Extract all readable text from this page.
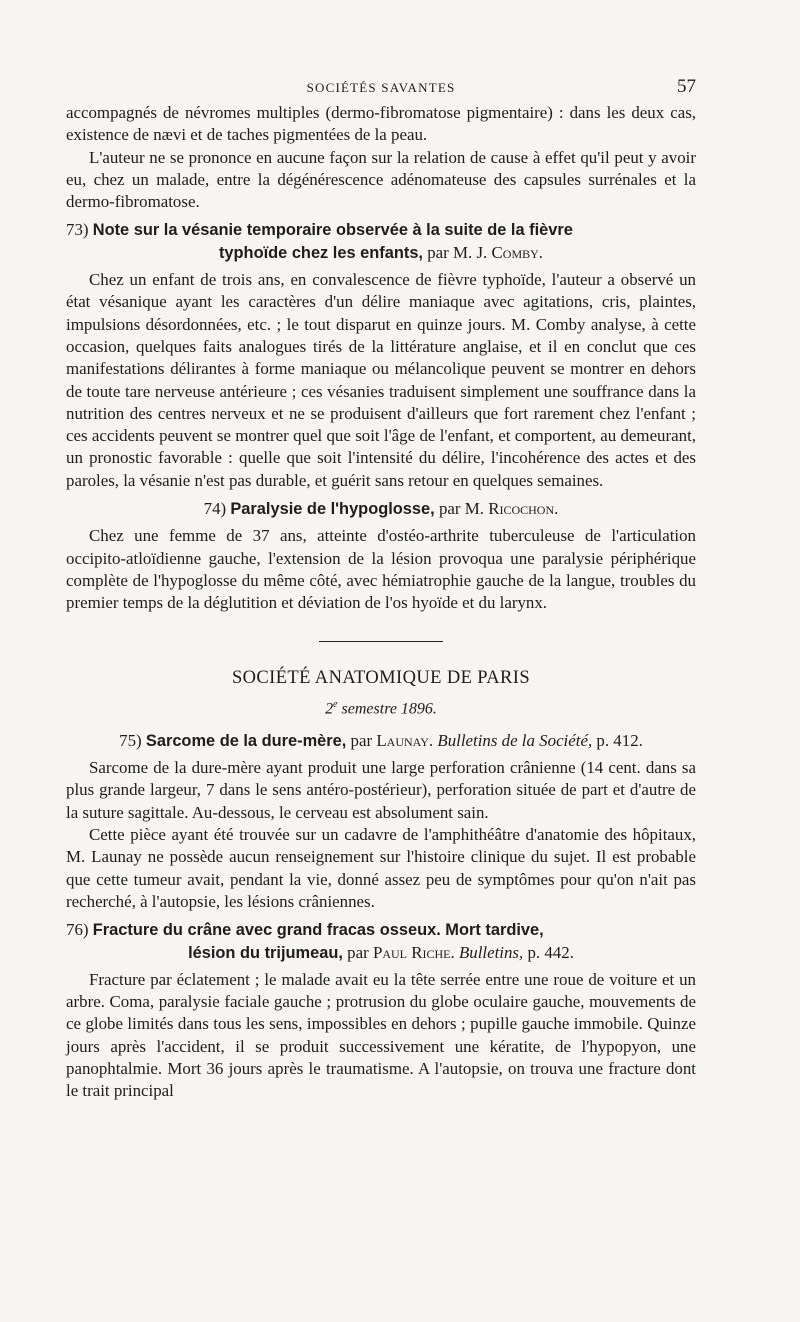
SOCIÉTÉS SAVANTES	57

accompagnés de névromes multiples (dermo-fibromatose pigmentaire) : dans les deux cas, existence de nævi et de taches pigmentées de la peau.

L'auteur ne se prononce en aucune façon sur la relation de cause à effet qu'il peut y avoir eu, chez un malade, entre la dégénérescence adénomateuse des capsules surrénales et la dermo-fibromatose.

73) Note sur la vésanie temporaire observée à la suite de la fièvre
typhoïde chez les enfants, par M. J. Comby.

Chez un enfant de trois ans, en convalescence de fièvre typhoïde, l'auteur a observé un état vésanique ayant les caractères d'un délire maniaque avec agitations, cris, plaintes, impulsions désordonnées, etc. ; le tout disparut en quinze jours. M. Comby analyse, à cette occasion, quelques faits analogues tirés de la littérature anglaise, et il en conclut que ces manifestations délirantes à forme maniaque ou mélancolique peuvent se montrer en dehors de toute tare nerveuse antérieure ; ces vésanies traduisent simplement une souffrance dans la nutrition des centres nerveux et ne se produisent d'ailleurs que fort rarement chez l'enfant ; ces accidents peuvent se montrer quel que soit l'âge de l'enfant, et comportent, au demeurant, un pronostic favorable : quelle que soit l'intensité du délire, l'incohérence des actes et des paroles, la vésanie n'est pas durable, et guérit sans retour en quelques semaines.

74) Paralysie de l'hypoglosse, par M. Ricochon.

Chez une femme de 37 ans, atteinte d'ostéo-arthrite tuberculeuse de l'articulation occipito-atloïdienne gauche, l'extension de la lésion provoqua une paralysie périphérique complète de l'hypoglosse du même côté, avec hémiatrophie gauche de la langue, troubles du premier temps de la déglutition et déviation de l'os hyoïde et du larynx.

SOCIÉTÉ ANATOMIQUE DE PARIS
2e semestre 1896.
75) Sarcome de la dure-mère, par Launay. Bulletins de la Société, p. 412.

Sarcome de la dure-mère ayant produit une large perforation crânienne (14 cent. dans sa plus grande largeur, 7 dans le sens antéro-postérieur), perforation située de part et d'autre de la suture sagittale. Au-dessous, le cerveau est absolument sain.

Cette pièce ayant été trouvée sur un cadavre de l'amphithéâtre d'anatomie des hôpitaux, M. Launay ne possède aucun renseignement sur l'histoire clinique du sujet. Il est probable que cette tumeur avait, pendant la vie, donné assez peu de symptômes pour qu'on n'ait pas recherché, à l'autopsie, les lésions crâniennes.

76) Fracture du crâne avec grand fracas osseux. Mort tardive,
lésion du trijumeau, par Paul Riche. Bulletins, p. 442.

Fracture par éclatement ; le malade avait eu la tête serrée entre une roue de voiture et un arbre. Coma, paralysie faciale gauche ; protrusion du globe oculaire gauche, mouvements de ce globe limités dans tous les sens, impossibles en dehors ; pupille gauche immobile. Quinze jours après l'accident, il se produit successivement une kératite, de l'hypopyon, une panophtalmie. Mort 36 jours après le traumatisme. A l'autopsie, on trouva une fracture dont le trait principal
